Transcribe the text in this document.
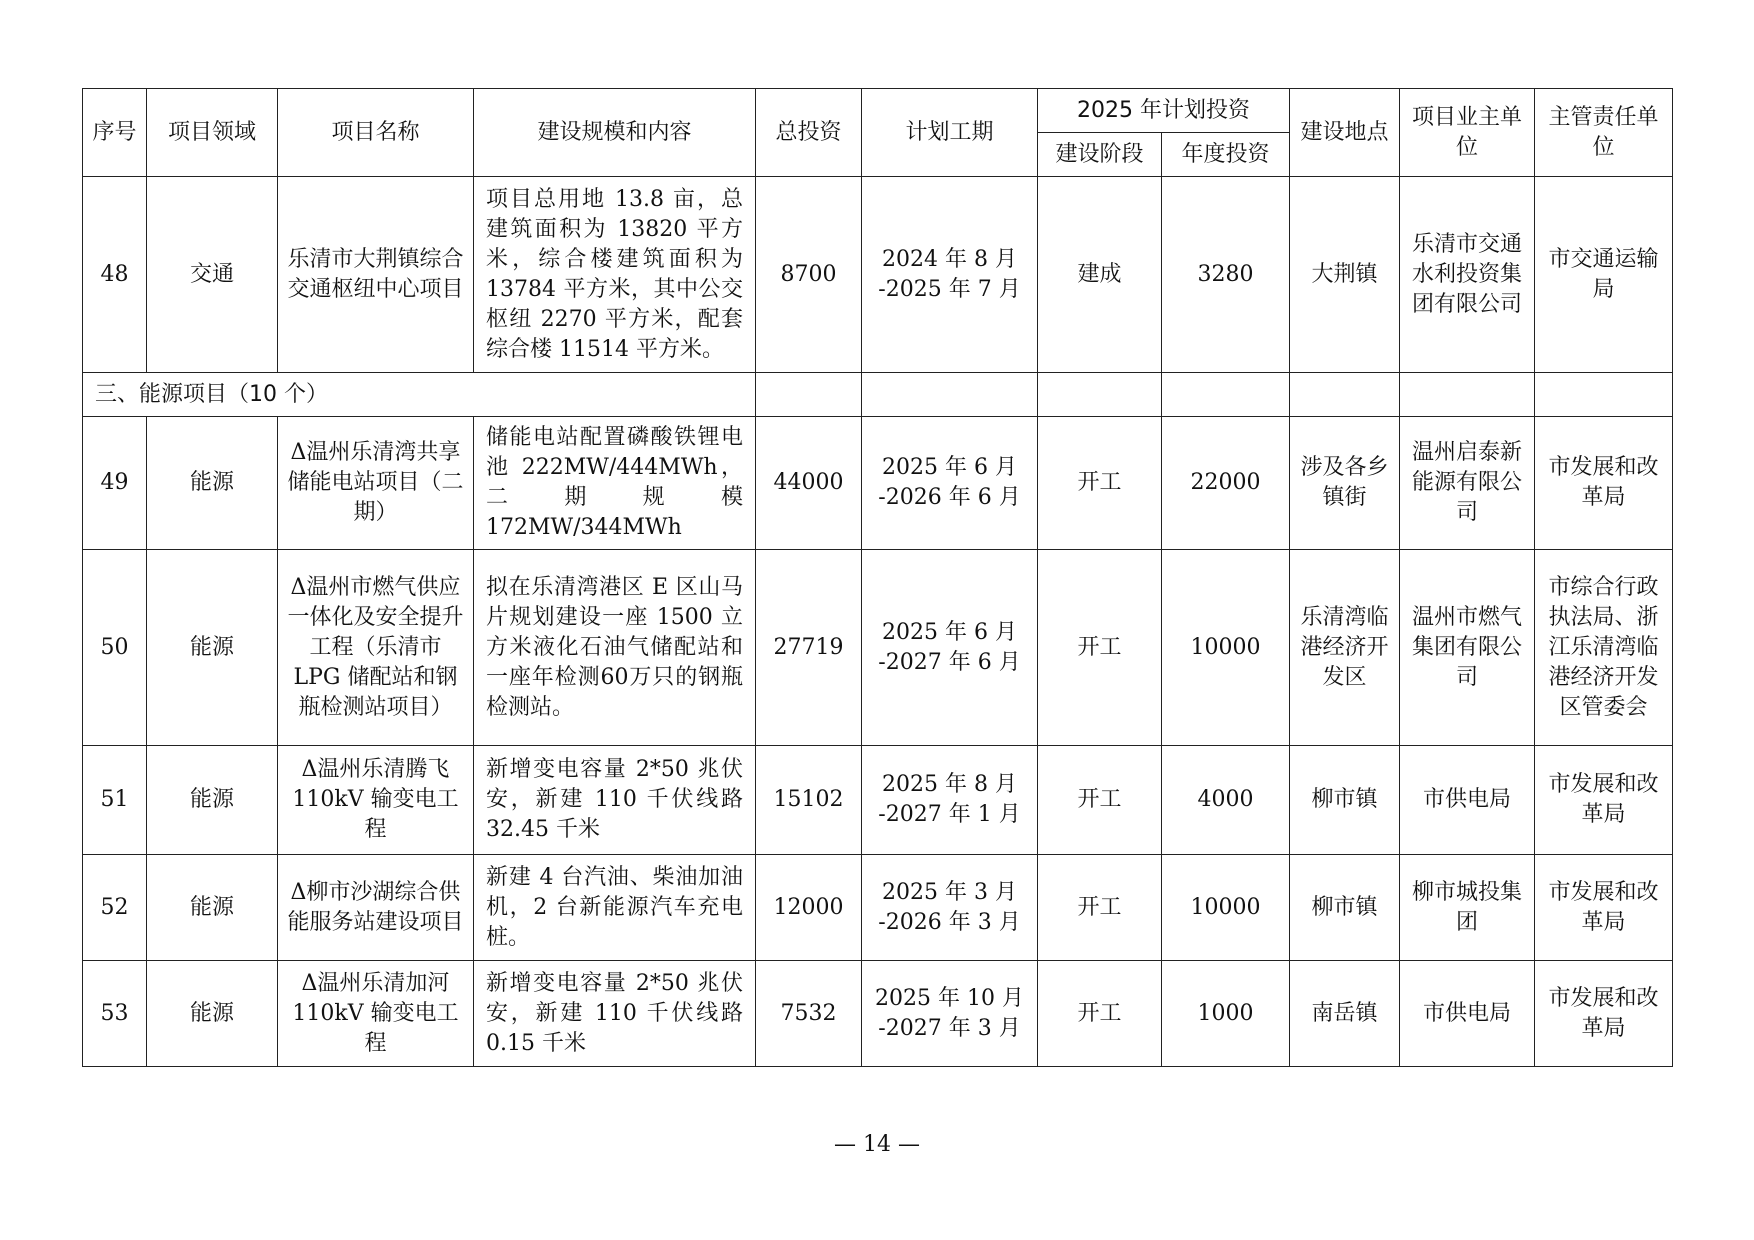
序号	项目领域	项目名称	建设规模和内容	总投资	计划工期	2025 年计划投资		建设地点	项目业主单位	主管责任单位
						建设阶段	年度投资			
48	交通	乐清市大荆镇综合交通枢纽中心项目	项目总用地 13.8 亩，总建筑面积为 13820 平方米，综合楼建筑面积为13784 平方米，其中公交枢纽 2270 平方米，配套综合楼 11514 平方米。	8700	2024 年 8 月 -2025 年 7 月	建成	3280	大荆镇	乐清市交通水利投资集团有限公司	市交通运输局
三、能源项目（10 个）										
49	能源	Δ温州乐清湾共享储能电站项目（二期）	储能电站配置磷酸铁锂电池 222MW/444MWh，二期规模 172MW/344MWh	44000	2025 年 6 月 -2026 年 6 月	开工	22000	涉及各乡镇街	温州启泰新能源有限公司	市发展和改革局
50	能源	Δ温州市燃气供应一体化及安全提升工程（乐清市 LPG 储配站和钢瓶检测站项目）	拟在乐清湾港区 E 区山马片规划建设一座 1500 立方米液化石油气储配站和一座年检测60万只的钢瓶检测站。	27719	2025 年 6 月 -2027 年 6 月	开工	10000	乐清湾临港经济开发区	温州市燃气集团有限公司	市综合行政执法局、浙江乐清湾临港经济开发区管委会
51	能源	Δ温州乐清腾飞 110kV 输变电工程	新增变电容量 2*50 兆伏安，新建 110 千伏线路 32.45 千米	15102	2025 年 8 月 -2027 年 1 月	开工	4000	柳市镇	市供电局	市发展和改革局
52	能源	Δ柳市沙湖综合供能服务站建设项目	新建 4 台汽油、柴油加油机，2 台新能源汽车充电桩。	12000	2025 年 3 月 -2026 年 3 月	开工	10000	柳市镇	柳市城投集团	市发展和改革局
53	能源	Δ温州乐清加河 110kV 输变电工程	新增变电容量 2*50 兆伏安，新建 110 千伏线路 0.15 千米	7532	2025 年 10 月 -2027 年 3 月	开工	1000	南岳镇	市供电局	市发展和改革局
— 14 —
